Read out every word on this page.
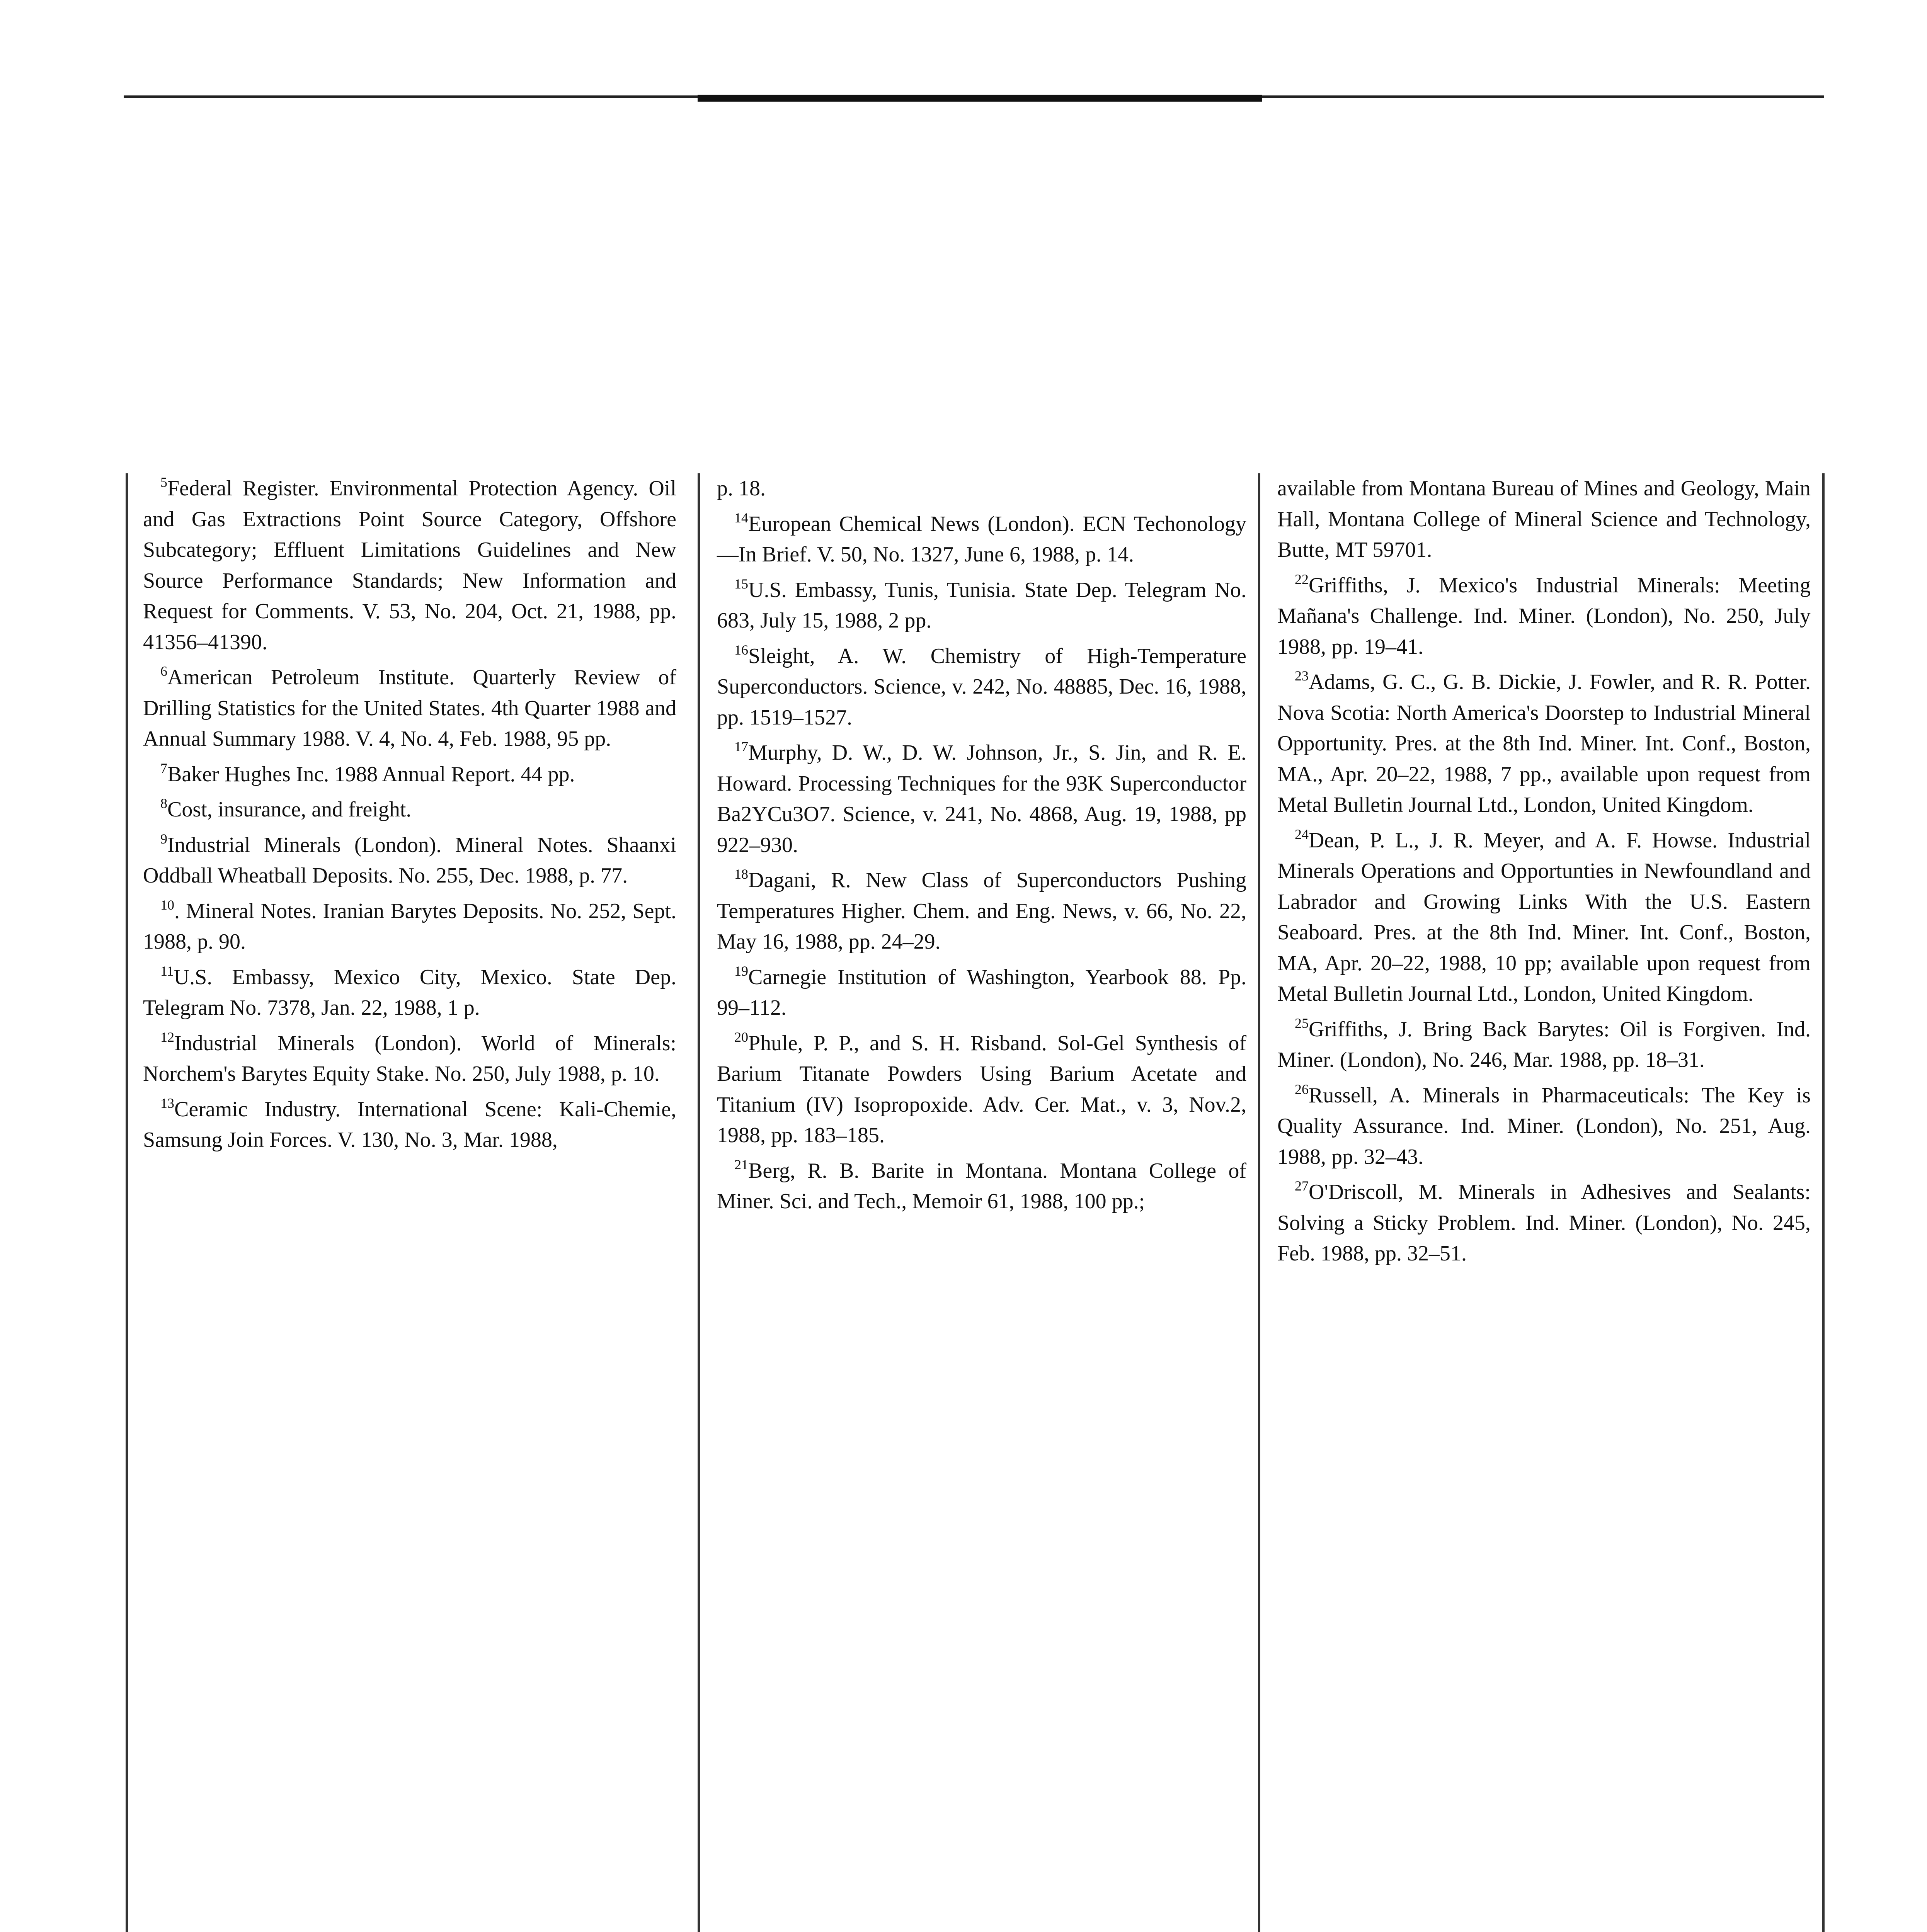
$^5$Federal Register. Environmental Protection Agency. Oil and Gas Extractions Point Source Category, Offshore Subcategory; Effluent Limitations Guidelines and New Source Performance Standards; New Information and Request for Comments. V. 53, No. 204, Oct. 21, 1988, pp. 41356–41390.

$^6$American Petroleum Institute. Quarterly Review of Drilling Statistics for the United States. 4th Quarter 1988 and Annual Summary 1988. V. 4, No. 4, Feb. 1988, 95 pp.

$^7$Baker Hughes Inc. 1988 Annual Report. 44 pp.

$^8$Cost, insurance, and freight.

$^9$Industrial Minerals (London). Mineral Notes. Shaanxi Oddball Wheatball Deposits. No. 255, Dec. 1988, p. 77.

$^{10}$. Mineral Notes. Iranian Barytes Deposits. No. 252, Sept. 1988, p. 90.

$^{11}$U.S. Embassy, Mexico City, Mexico. State Dep. Telegram No. 7378, Jan. 22, 1988, 1 p.

$^{12}$Industrial Minerals (London). World of Minerals: Norchem's Barytes Equity Stake. No. 250, July 1988, p. 10.

$^{13}$Ceramic Industry. International Scene: Kali-Chemie, Samsung Join Forces. V. 130, No. 3, Mar. 1988,

p. 18.

$^{14}$European Chemical News (London). ECN Techonology—In Brief. V. 50, No. 1327, June 6, 1988, p. 14.

$^{15}$U.S. Embassy, Tunis, Tunisia. State Dep. Telegram No. 683, July 15, 1988, 2 pp.

$^{16}$Sleight, A. W. Chemistry of High-Temperature Superconductors. Science, v. 242, No. 48885, Dec. 16, 1988, pp. 1519–1527.

$^{17}$Murphy, D. W., D. W. Johnson, Jr., S. Jin, and R. E. Howard. Processing Techniques for the 93K Superconductor Ba2YCu3O7. Science, v. 241, No. 4868, Aug. 19, 1988, pp 922–930.

$^{18}$Dagani, R. New Class of Superconductors Pushing Temperatures Higher. Chem. and Eng. News, v. 66, No. 22, May 16, 1988, pp. 24–29.

$^{19}$Carnegie Institution of Washington, Yearbook 88. Pp. 99–112.

$^{20}$Phule, P. P., and S. H. Risband. Sol-Gel Synthesis of Barium Titanate Powders Using Barium Acetate and Titanium (IV) Isopropoxide. Adv. Cer. Mat., v. 3, Nov.2, 1988, pp. 183–185.

$^{21}$Berg, R. B. Barite in Montana. Montana College of Miner. Sci. and Tech., Memoir 61, 1988, 100 pp.;

available from Montana Bureau of Mines and Geology, Main Hall, Montana College of Mineral Science and Technology, Butte, MT 59701.

$^{22}$Griffiths, J. Mexico's Industrial Minerals: Meeting Mañana's Challenge. Ind. Miner. (London), No. 250, July 1988, pp. 19–41.

$^{23}$Adams, G. C., G. B. Dickie, J. Fowler, and R. R. Potter. Nova Scotia: North America's Doorstep to Industrial Mineral Opportunity. Pres. at the 8th Ind. Miner. Int. Conf., Boston, MA., Apr. 20–22, 1988, 7 pp., available upon request from Metal Bulletin Journal Ltd., London, United Kingdom.

$^{24}$Dean, P. L., J. R. Meyer, and A. F. Howse. Industrial Minerals Operations and Opportunties in Newfoundland and Labrador and Growing Links With the U.S. Eastern Seaboard. Pres. at the 8th Ind. Miner. Int. Conf., Boston, MA, Apr. 20–22, 1988, 10 pp; available upon request from Metal Bulletin Journal Ltd., London, United Kingdom.

$^{25}$Griffiths, J. Bring Back Barytes: Oil is Forgiven. Ind. Miner. (London), No. 246, Mar. 1988, pp. 18–31.

$^{26}$Russell, A. Minerals in Pharmaceuticals: The Key is Quality Assurance. Ind. Miner. (London), No. 251, Aug. 1988, pp. 32–43.

$^{27}$O'Driscoll, M. Minerals in Adhesives and Sealants: Solving a Sticky Problem. Ind. Miner. (London), No. 245, Feb. 1988, pp. 32–51.
